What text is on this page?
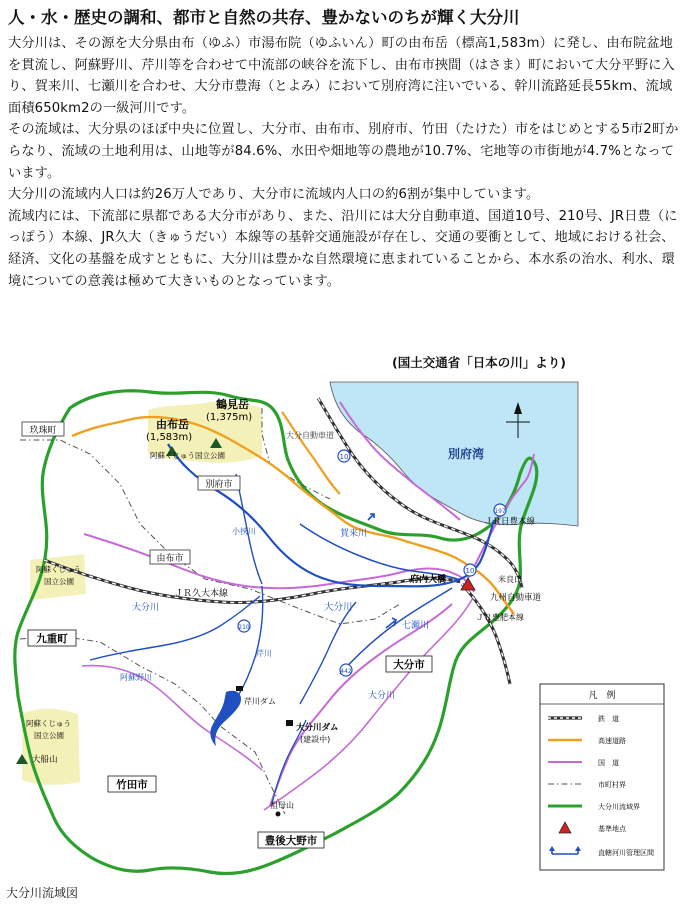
人・水・歴史の調和、都市と自然の共存、豊かないのちが輝く大分川

大分川は、その源を大分県由布（ゆふ）市湯布院（ゆふいん）町の由布岳（標高1,583m）に発し、由布院盆地を貫流し、阿蘇野川、芹川等を合わせて中流部の峡谷を流下し、由布市挾間（はさま）町において大分平野に入り、賀来川、七瀬川を合わせ、大分市豊海（とよみ）において別府湾に注いでいる、幹川流路延長55km、流域面積650km2の一級河川です。

その流域は、大分県のほぼ中央に位置し、大分市、由布市、別府市、竹田（たけた）市をはじめとする5市2町からなり、流域の土地利用は、山地等が84.6%、水田や畑地等の農地が10.7%、宅地等の市街地が4.7%となっています。

大分川の流域内人口は約26万人であり、大分市に流域内人口の約6割が集中しています。

流域内には、下流部に県都である大分市があり、また、沿川には大分自動車道、国道10号、210号、JR日豊（にっぽう）本線、JR久大（きゅうだい）本線等の基幹交通施設が存在し、交通の要衝として、地域における社会、経済、文化の基盤を成すとともに、大分川は豊かな自然環境に恵まれていることから、本水系の治水、利水、環境についての意義は極めて大きいものとなっています。

(国土交通省「日本の川」より)
10
10
210
442
197
玖珠町
別府市
由布市
九重町
大分市
竹田市
豊後大野市
由布岳
(1,583m)
鶴見岳
(1,375m)
阿蘇くじゅう国立公園
阿蘇くじゅう
国立公園
阿蘇くじゅう
国立公園
別府湾
賀来川
大分川
大分川
七瀬川
大分川
阿蘇野川
芹川
小挾川
ＪＲ久大本線
ＪＲ日豊本線
ＪＲ豊肥本線
大分自動車道
九州自動車道
府内大橋
芹川ダム
大分川ダム
(建設中)
大船山
祖母山
米良口
凡　例
鉄　道
高速道路
国　道
市町村界
大分川流域界
基準地点
直轄河川管理区間
大分川流域図
